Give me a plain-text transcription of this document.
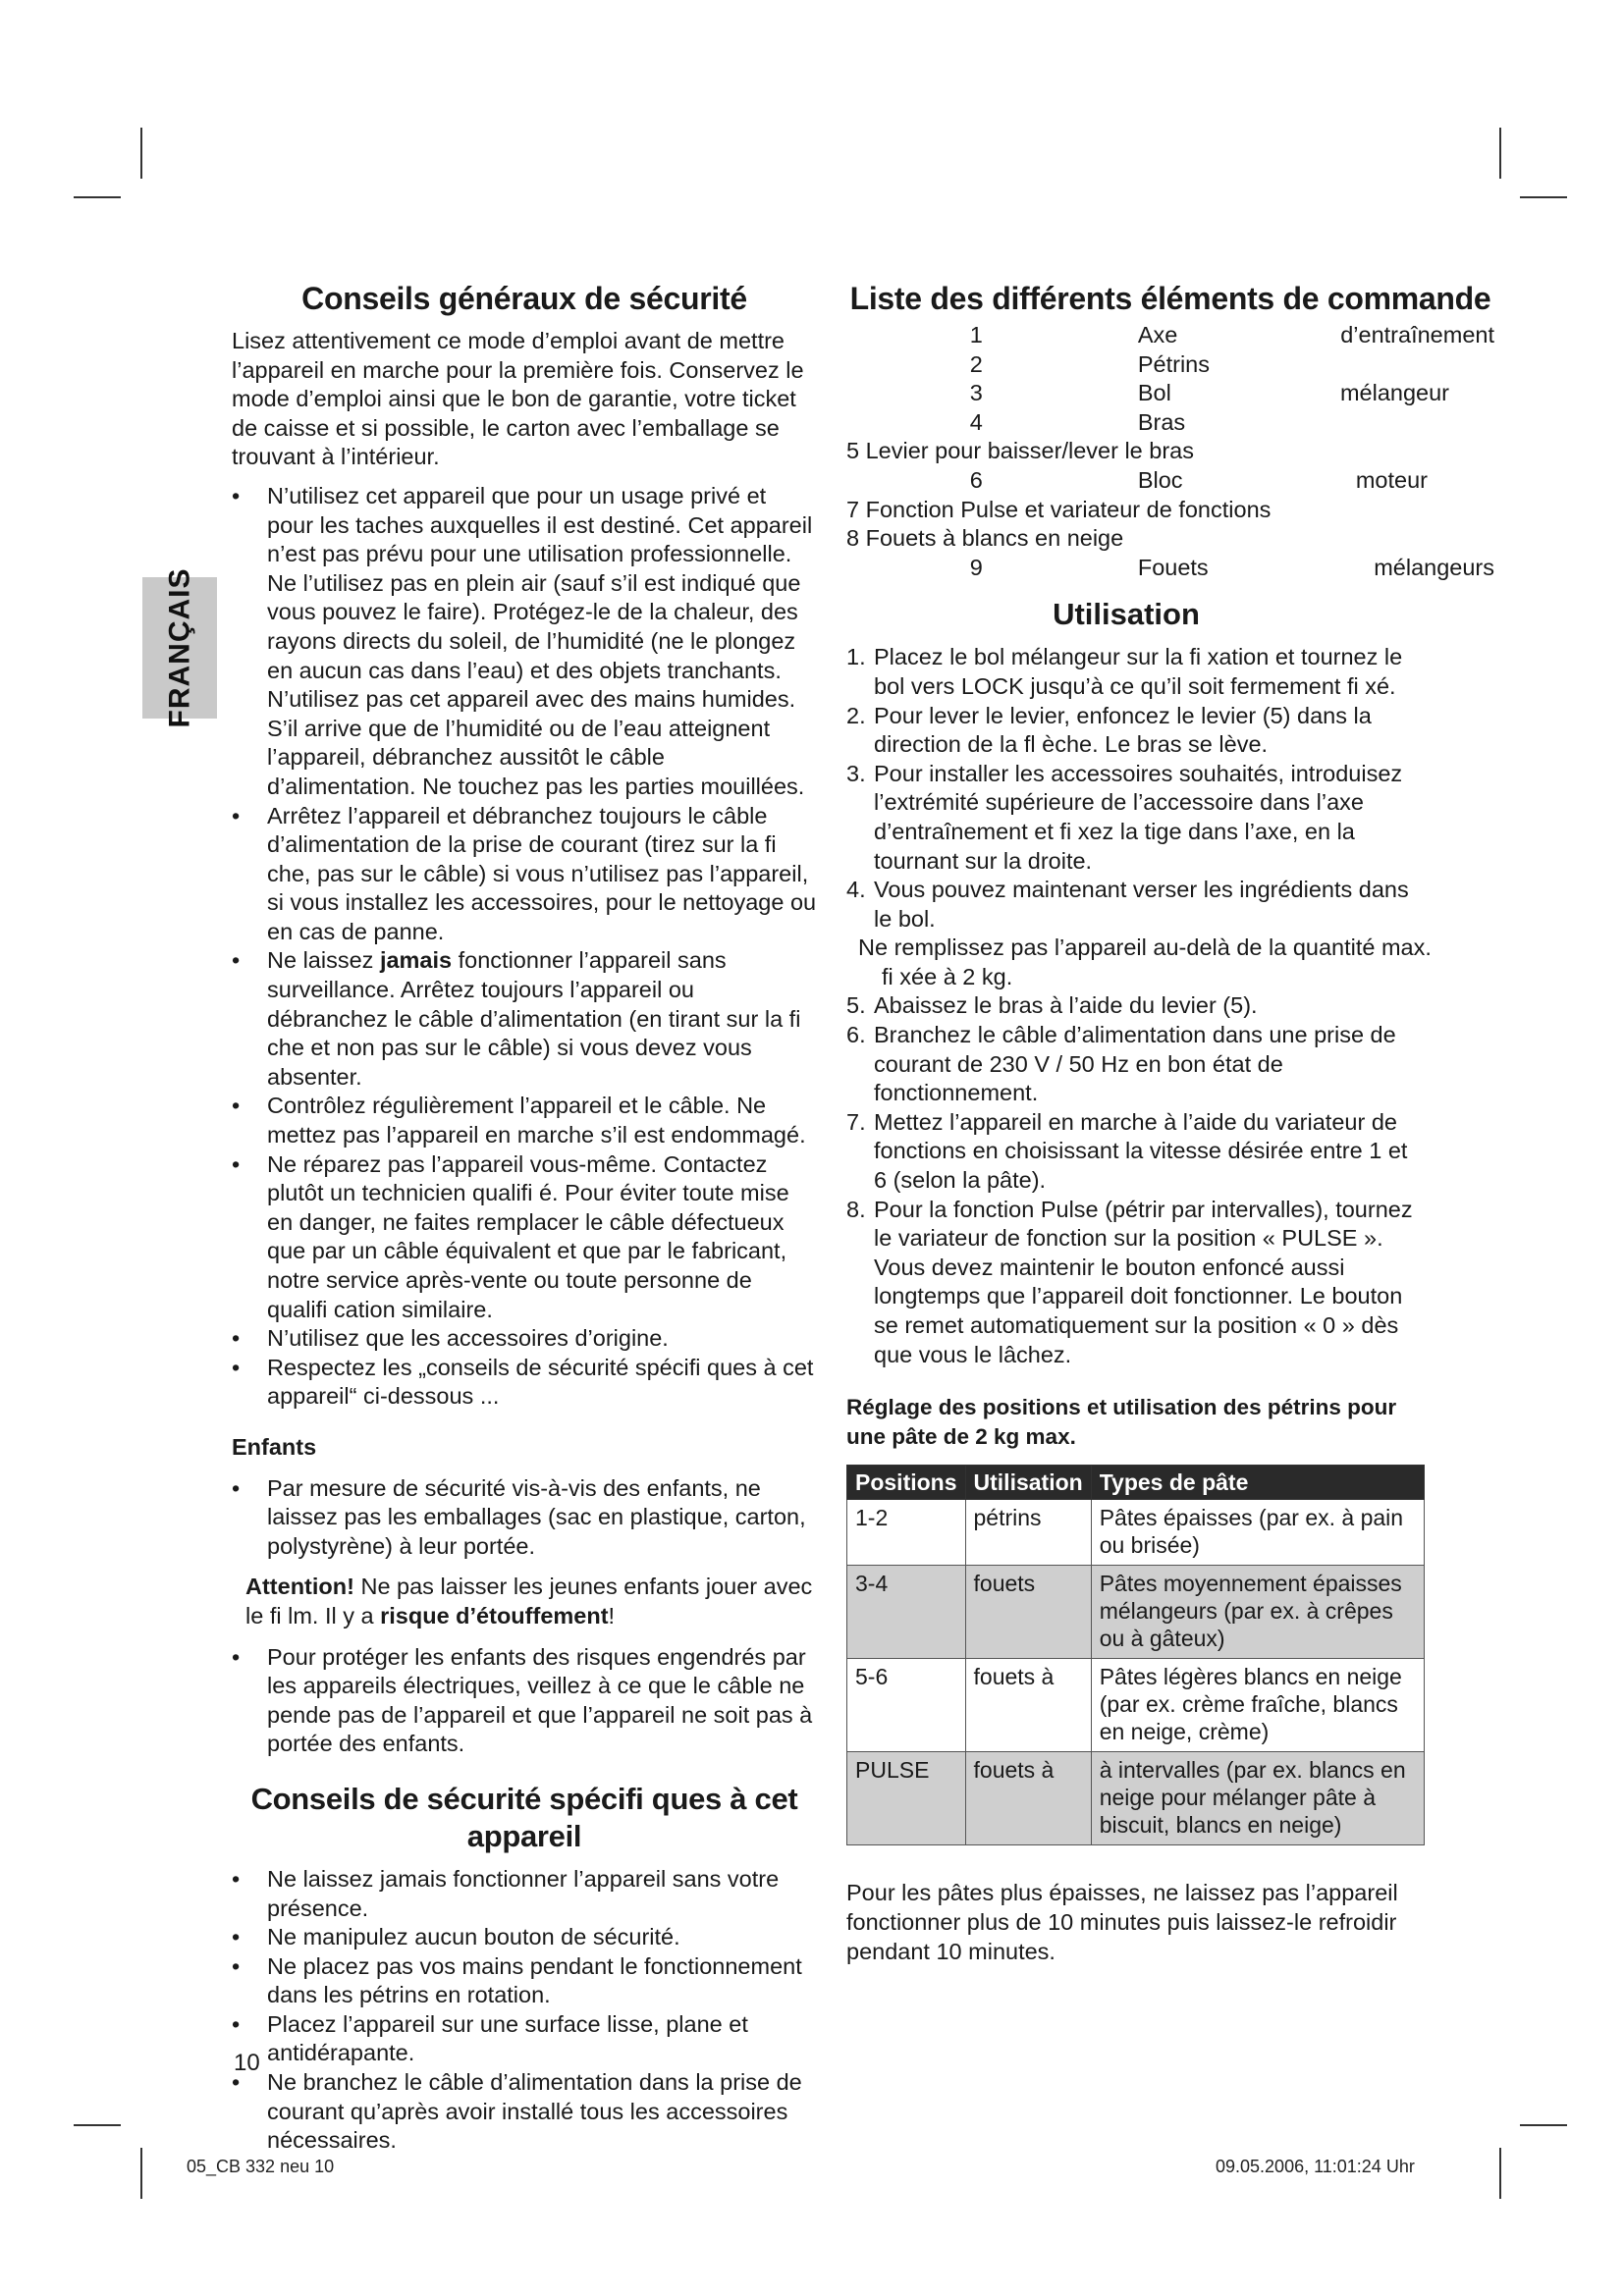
FRANÇAIS
Conseils généraux de sécurité

Lisez attentivement ce mode d’emploi avant de mettre l’appareil en marche pour la première fois. Conservez le mode d’emploi ainsi que le bon de garantie, votre ticket de caisse et si possible, le carton avec l’emballage se trouvant à l’intérieur.

• N’utilisez cet appareil que pour un usage privé et pour les taches auxquelles il est destiné. Cet appareil n’est pas prévu pour une utilisation professionnelle. Ne l’utilisez pas en plein air (sauf s’il est indiqué que vous pouvez le faire). Protégez-le de la chaleur, des rayons directs du soleil, de l’humidité (ne le plongez en aucun cas dans l’eau) et des objets tranchants. N’utilisez pas cet appareil avec des mains humides. S’il arrive que de l’humidité ou de l’eau atteignent l’appareil, débranchez aussitôt le câble d’alimentation. Ne touchez pas les parties mouillées.
• Arrêtez l’appareil et débranchez toujours le câble d’alimentation de la prise de courant (tirez sur la fi che, pas sur le câble) si vous n’utilisez pas l’appareil, si vous installez les accessoires, pour le nettoyage ou en cas de panne.
• Ne laissez jamais fonctionner l’appareil sans surveillance. Arrêtez toujours l’appareil ou débranchez le câble d’alimentation (en tirant sur la fi che et non pas sur le câble) si vous devez vous absenter.
• Contrôlez régulièrement l’appareil et le câble. Ne mettez pas l’appareil en marche s’il est endommagé.
• Ne réparez pas l’appareil vous-même. Contactez plutôt un technicien qualifi é. Pour éviter toute mise en danger, ne faites remplacer le câble défectueux que par un câble équivalent et que par le fabricant, notre service après-vente ou toute personne de qualifi cation similaire.
• N’utilisez que les accessoires d’origine.
• Respectez les „conseils de sécurité spécifi ques à cet appareil“ ci-dessous ...

Enfants

• Par mesure de sécurité vis-à-vis des enfants, ne laissez pas les emballages (sac en plastique, carton, polystyrène) à leur portée.

Attention! Ne pas laisser les jeunes enfants jouer avec le fi lm. Il y a risque d’étouffement!

• Pour protéger les enfants des risques engendrés par les appareils électriques, veillez à ce que le câble ne pende pas de l’appareil et que l’appareil ne soit pas à portée des enfants.
Conseils de sécurité spécifi ques à cet appareil
• Ne laissez jamais fonctionner l’appareil sans votre présence.
• Ne manipulez aucun bouton de sécurité.
• Ne placez pas vos mains pendant le fonctionnement dans les pétrins en rotation.
• Placez l’appareil sur une surface lisse, plane et antidérapante.
• Ne branchez le câble d’alimentation dans la prise de courant qu’après avoir installé tous les accessoires nécessaires.
Liste des différents éléments de commande
1	Axe	d’entraînement
2	Pétrins	
3	Bol	mélangeur
4	Bras	
5 Levier pour baisser/lever le bras		
6	Bloc	moteur
7 Fonction Pulse et variateur de fonctions		
8 Fouets à blancs en neige		
9	Fouets	mélangeurs
Utilisation
1. Placez le bol mélangeur sur la fi xation et tournez le bol vers LOCK jusqu’à ce qu’il soit fermement fi xé.
2. Pour lever le levier, enfoncez le levier (5) dans la direction de la fl èche. Le bras se lève.
3. Pour installer les accessoires souhaités, introduisez l’extrémité supérieure de l’accessoire dans l’axe d’entraînement et fi xez la tige dans l’axe, en la tournant sur la droite.
4. Vous pouvez maintenant verser les ingrédients dans le bol.

Ne remplissez pas l’appareil au-delà de la quantité max.

fi xée à 2 kg.

5. Abaissez le bras à l’aide du levier (5).
6. Branchez le câble d’alimentation dans une prise de courant de 230 V / 50 Hz en bon état de fonctionnement.
7. Mettez l’appareil en marche à l’aide du variateur de fonctions en choisissant la vitesse désirée entre 1 et 6 (selon la pâte).
8. Pour la fonction Pulse (pétrir par intervalles), tournez le variateur de fonction sur la position « PULSE ». Vous devez maintenir le bouton enfoncé aussi longtemps que l’appareil doit fonctionner. Le bouton se remet automatiquement sur la position « 0 » dès que vous le lâchez.

Réglage des positions et utilisation des pétrins pour une pâte de 2 kg max.

Positions	Utilisation	Types de pâte
1-2	pétrins	Pâtes épaisses (par ex. à pain ou brisée)
3-4	fouets	Pâtes moyennement épaisses mélangeurs (par ex. à crêpes ou à gâteux)
5-6	fouets à	Pâtes légères blancs en neige (par ex. crème fraîche, blancs en neige, crème)
PULSE	fouets à	à intervalles (par ex. blancs en neige pour mélanger pâte à biscuit, blancs en neige)

Pour les pâtes plus épaisses, ne laissez pas l’appareil fonctionner plus de 10 minutes puis laissez-le refroidir pendant 10 minutes.

10
05_CB 332 neu 10	09.05.2006, 11:01:24 Uhr
